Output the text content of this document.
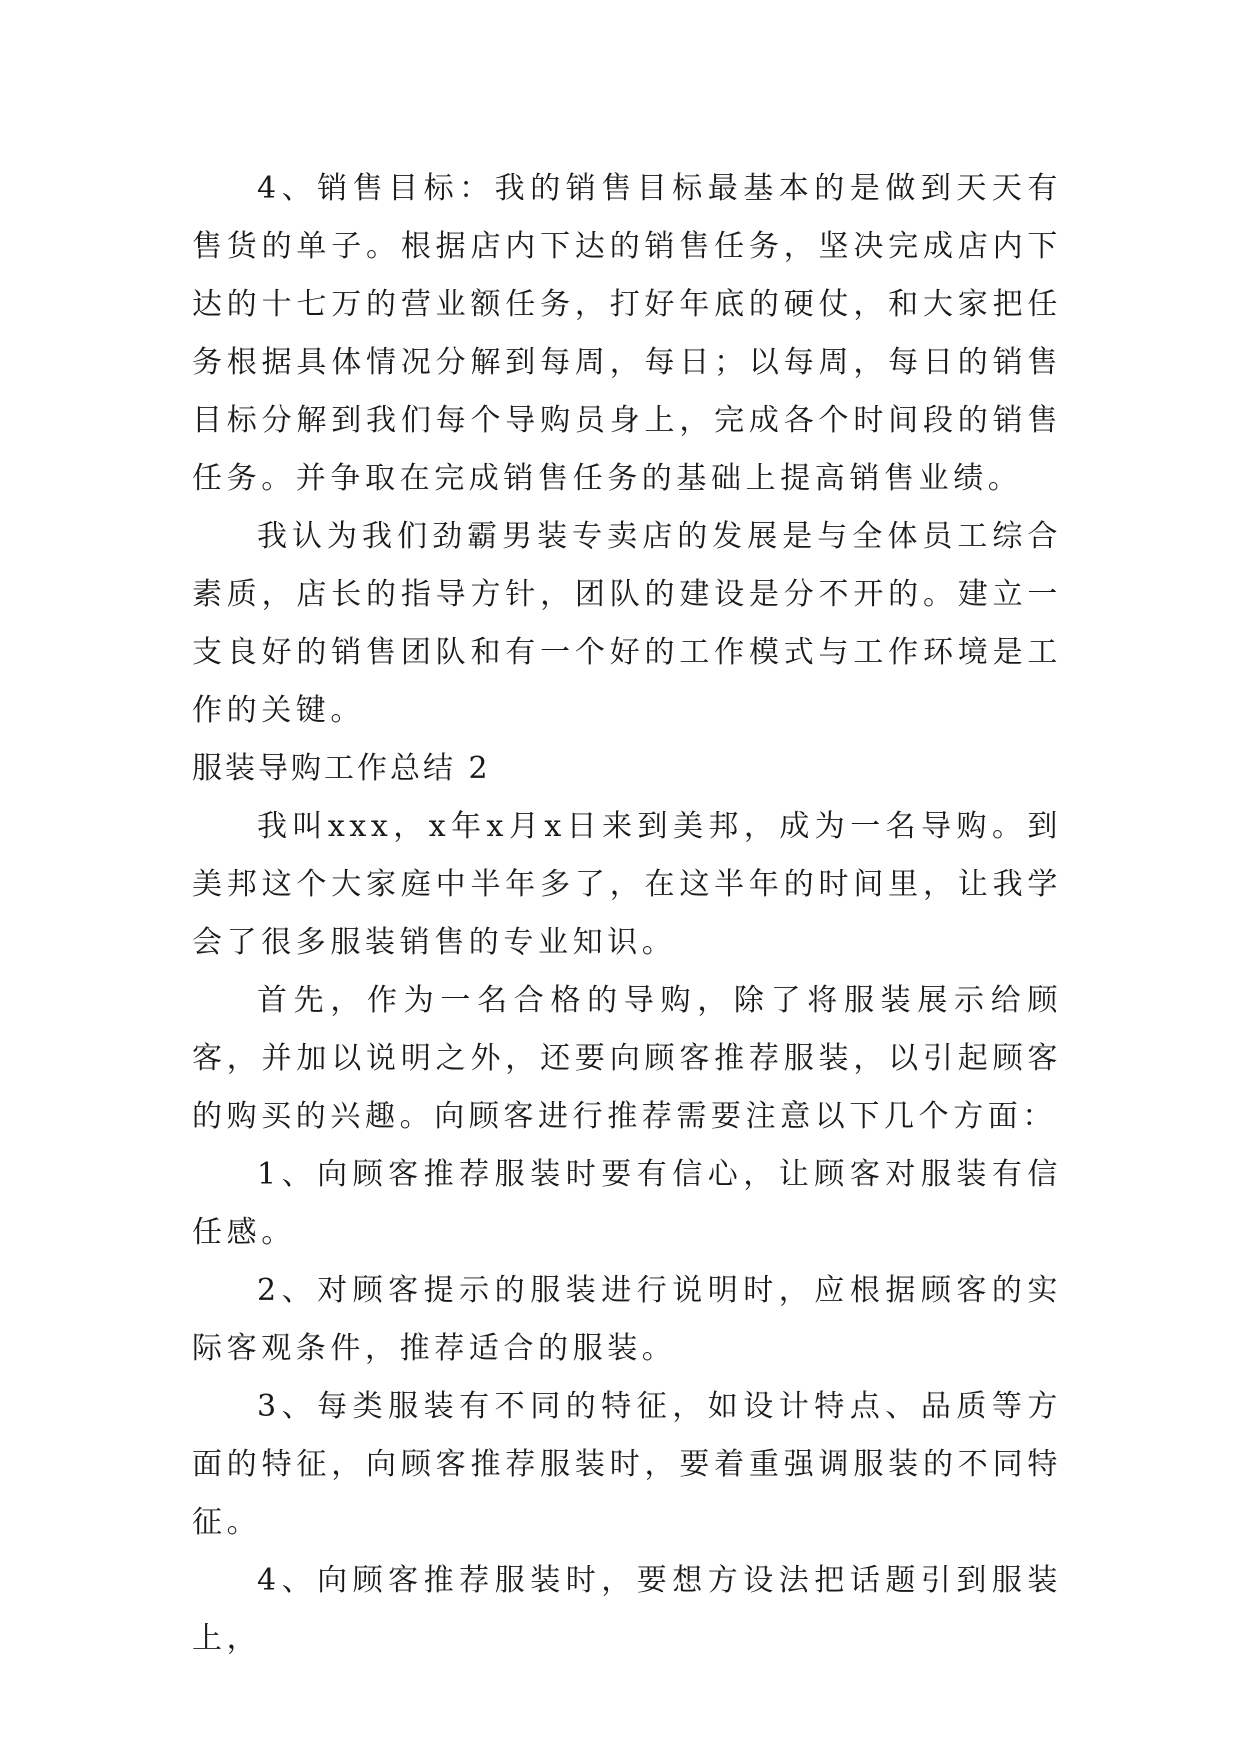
4、销售目标：我的销售目标最基本的是做到天天有售货的单子。根据店内下达的销售任务，坚决完成店内下达的十七万的营业额任务，打好年底的硬仗，和大家把任务根据具体情况分解到每周，每日；以每周，每日的销售目标分解到我们每个导购员身上，完成各个时间段的销售任务。并争取在完成销售任务的基础上提高销售业绩。

我认为我们劲霸男装专卖店的发展是与全体员工综合素质，店长的指导方针，团队的建设是分不开的。建立一支良好的销售团队和有一个好的工作模式与工作环境是工作的关键。

服装导购工作总结 2

我叫xxx，x年x月x日来到美邦，成为一名导购。到美邦这个大家庭中半年多了，在这半年的时间里，让我学会了很多服装销售的专业知识。

首先，作为一名合格的导购，除了将服装展示给顾客，并加以说明之外，还要向顾客推荐服装，以引起顾客的购买的兴趣。向顾客进行推荐需要注意以下几个方面：

1、向顾客推荐服装时要有信心，让顾客对服装有信任感。

2、对顾客提示的服装进行说明时，应根据顾客的实际客观条件，推荐适合的服装。

3、每类服装有不同的特征，如设计特点、品质等方面的特征，向顾客推荐服装时，要着重强调服装的不同特征。

4、向顾客推荐服装时，要想方设法把话题引到服装上，
